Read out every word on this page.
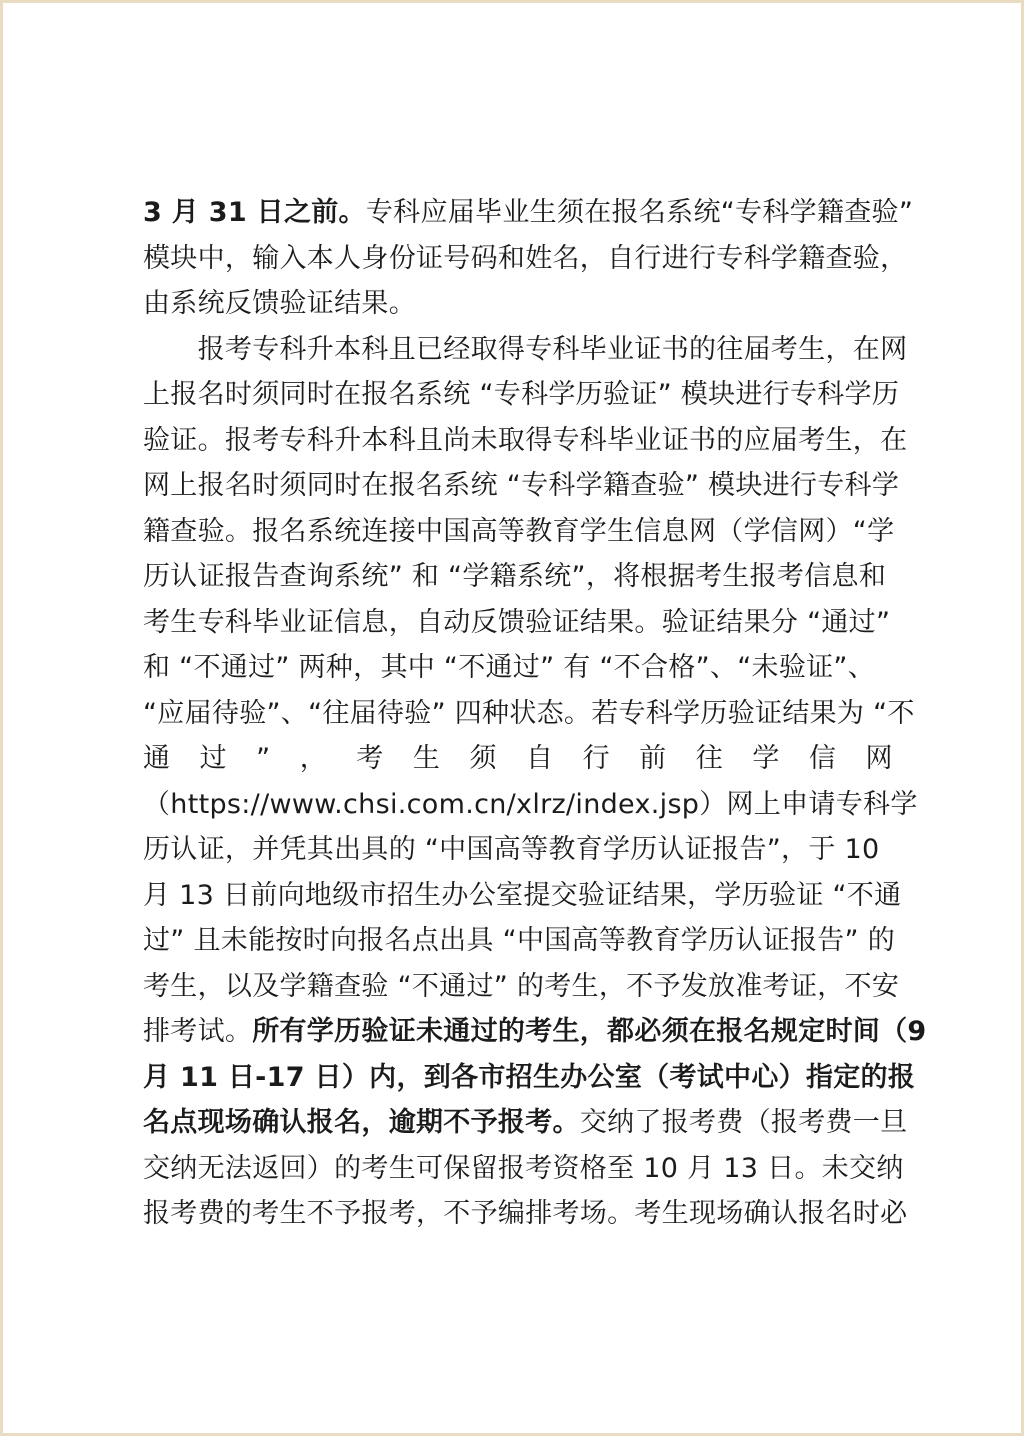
3 月 31 日之前。专科应届毕业生须在报名系统“专科学籍查验”
模块中，输入本人身份证号码和姓名，自行进行专科学籍查验，
由系统反馈验证结果。
　　报考专科升本科且已经取得专科毕业证书的往届考生，在网
上报名时须同时在报名系统 “专科学历验证” 模块进行专科学历
验证。报考专科升本科且尚未取得专科毕业证书的应届考生，在
网上报名时须同时在报名系统 “专科学籍查验” 模块进行专科学
籍查验。报名系统连接中国高等教育学生信息网（学信网）“学
历认证报告查询系统” 和 “学籍系统”，将根据考生报考信息和
考生专科毕业证信息，自动反馈验证结果。验证结果分 “通过”
和 “不通过” 两种，其中 “不通过” 有 “不合格”、“未验证”、
“应届待验”、“往届待验” 四种状态。若专科学历验证结果为 “不
通 过 ” ， 考 生 须 自 行 前 往 学 信 网
（https://www.chsi.com.cn/xlrz/index.jsp）网上申请专科学
历认证，并凭其出具的 “中国高等教育学历认证报告”，于 10
月 13 日前向地级市招生办公室提交验证结果，学历验证 “不通
过” 且未能按时向报名点出具 “中国高等教育学历认证报告” 的
考生，以及学籍查验 “不通过” 的考生，不予发放准考证，不安
排考试。所有学历验证未通过的考生，都必须在报名规定时间（9
月 11 日-17 日）内，到各市招生办公室（考试中心）指定的报
名点现场确认报名，逾期不予报考。交纳了报考费（报考费一旦
交纳无法返回）的考生可保留报考资格至 10 月 13 日。未交纳
报考费的考生不予报考，不予编排考场。考生现场确认报名时必
